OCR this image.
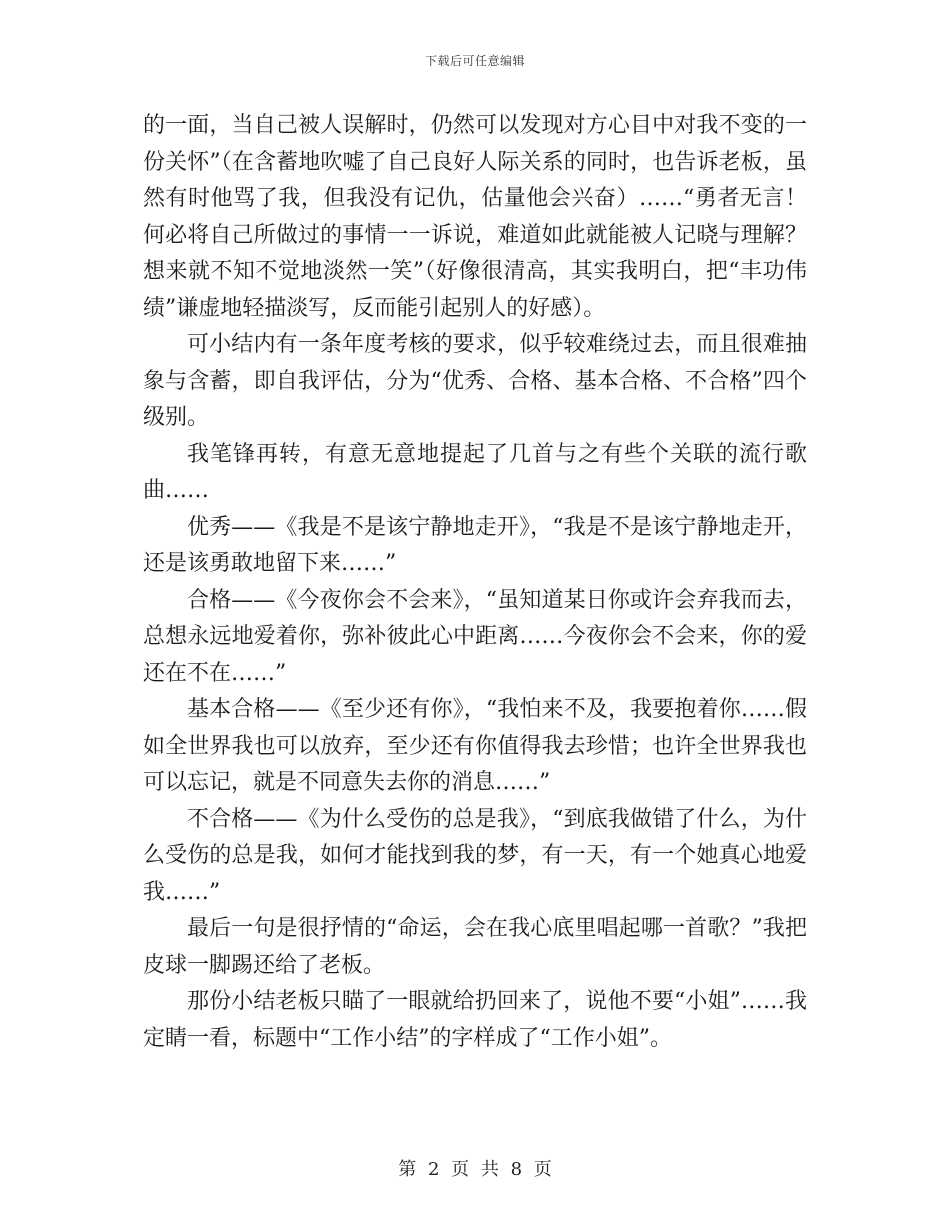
下载后可任意编辑

的一面，当自己被人误解时，仍然可以发现对方心目中对我不变的一份关怀”（在含蓄地吹嘘了自己良好人际关系的同时，也告诉老板，虽然有时他骂了我，但我没有记仇，估量他会兴奋）……“勇者无言！何必将自己所做过的事情一一诉说，难道如此就能被人记晓与理解？想来就不知不觉地淡然一笑”（好像很清高，其实我明白，把“丰功伟绩”谦虚地轻描淡写，反而能引起别人的好感）。

可小结内有一条年度考核的要求，似乎较难绕过去，而且很难抽象与含蓄，即自我评估，分为“优秀、合格、基本合格、不合格”四个级别。

我笔锋再转，有意无意地提起了几首与之有些个关联的流行歌曲……

优秀——《我是不是该宁静地走开》，“我是不是该宁静地走开，还是该勇敢地留下来……”

合格——《今夜你会不会来》，“虽知道某日你或许会弃我而去，总想永远地爱着你，弥补彼此心中距离……今夜你会不会来，你的爱还在不在……”

基本合格——《至少还有你》，“我怕来不及，我要抱着你……假如全世界我也可以放弃，至少还有你值得我去珍惜；也许全世界我也可以忘记，就是不同意失去你的消息……”

不合格——《为什么受伤的总是我》，“到底我做错了什么，为什么受伤的总是我，如何才能找到我的梦，有一天，有一个她真心地爱我……”

最后一句是很抒情的“命运，会在我心底里唱起哪一首歌？”我把皮球一脚踢还给了老板。

那份小结老板只瞄了一眼就给扔回来了，说他不要“小姐”……我定睛一看，标题中“工作小结”的字样成了“工作小姐”。

第 2 页 共 8 页
